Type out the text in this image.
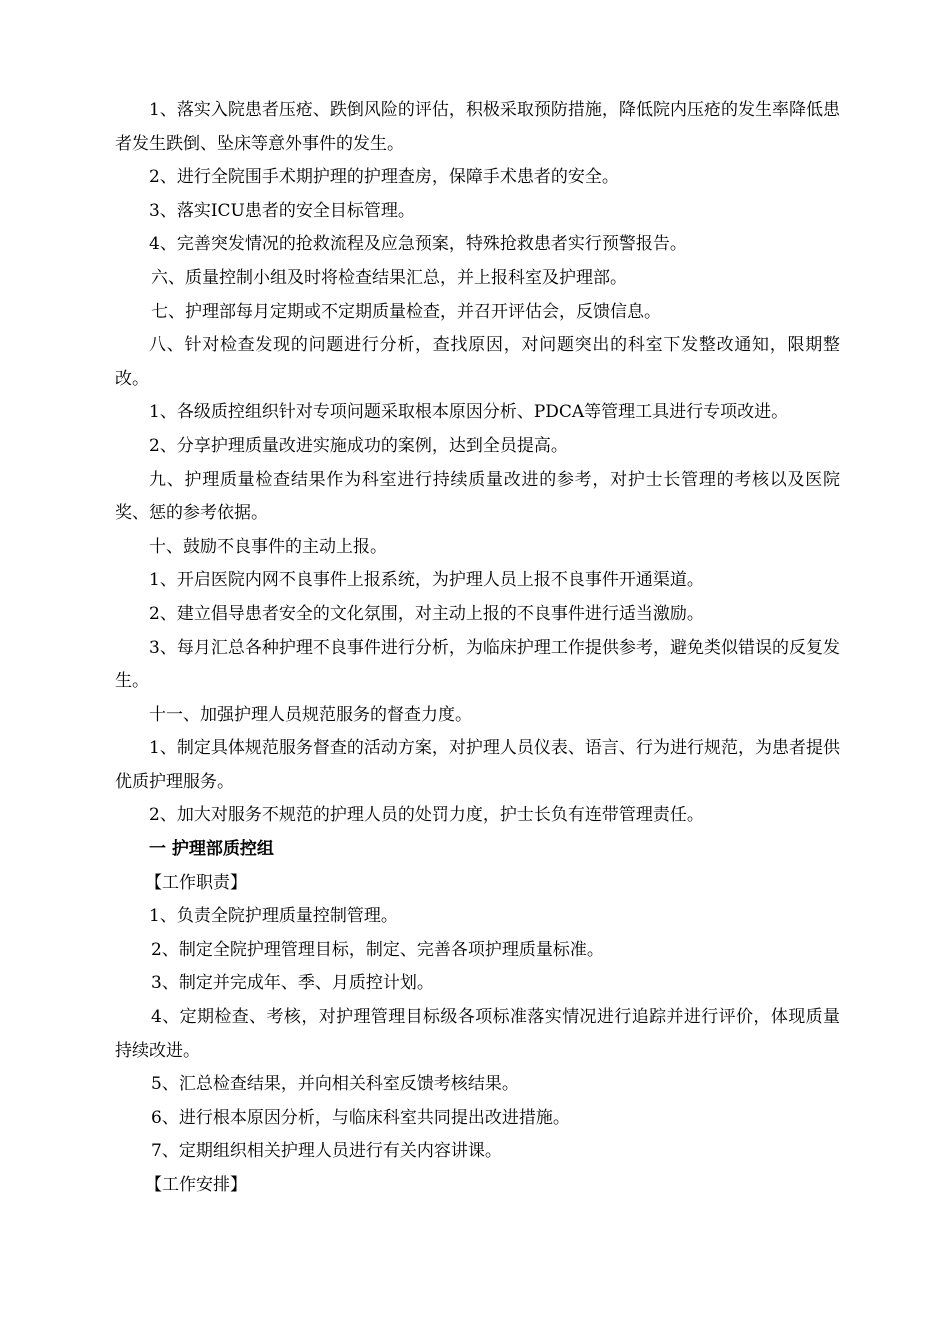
1、落实入院患者压疮、跌倒风险的评估，积极采取预防措施，降低院内压疮的发生率降低患者发生跌倒、坠床等意外事件的发生。

2、进行全院围手术期护理的护理查房，保障手术患者的安全。

3、落实ICU患者的安全目标管理。

4、完善突发情况的抢救流程及应急预案，特殊抢救患者实行预警报告。

六、质量控制小组及时将检查结果汇总，并上报科室及护理部。

七、护理部每月定期或不定期质量检查，并召开评估会，反馈信息。

八、针对检查发现的问题进行分析，查找原因，对问题突出的科室下发整改通知，限期整改。

1、各级质控组织针对专项问题采取根本原因分析、PDCA等管理工具进行专项改进。

2、分享护理质量改进实施成功的案例，达到全员提高。

九、护理质量检查结果作为科室进行持续质量改进的参考，对护士长管理的考核以及医院奖、惩的参考依据。

十、鼓励不良事件的主动上报。

1、开启医院内网不良事件上报系统，为护理人员上报不良事件开通渠道。

2、建立倡导患者安全的文化氛围，对主动上报的不良事件进行适当激励。

3、每月汇总各种护理不良事件进行分析，为临床护理工作提供参考，避免类似错误的反复发生。

十一、加强护理人员规范服务的督查力度。

1、制定具体规范服务督查的活动方案，对护理人员仪表、语言、行为进行规范，为患者提供优质护理服务。

2、加大对服务不规范的护理人员的处罚力度，护士长负有连带管理责任。

一 护理部质控组

【工作职责】

1、负责全院护理质量控制管理。

2、制定全院护理管理目标，制定、完善各项护理质量标准。

3、制定并完成年、季、月质控计划。

4、定期检查、考核，对护理管理目标级各项标准落实情况进行追踪并进行评价，体现质量持续改进。

5、汇总检查结果，并向相关科室反馈考核结果。

6、进行根本原因分析，与临床科室共同提出改进措施。

7、定期组织相关护理人员进行有关内容讲课。

【工作安排】
